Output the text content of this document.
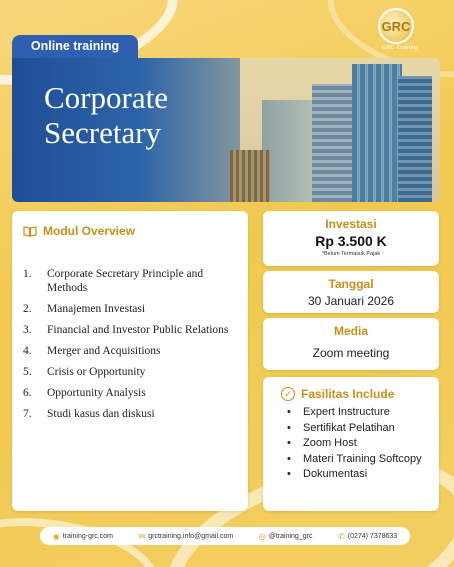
GRC
GRC Training
Online training
Corporate
Secretary
Modul Overview
1.	Corporate Secretary Principle and Methods
2.	Manajemen Investasi
3.	Financial and Investor Public Relations
4.	Merger and Acquisitions
5.	Crisis or Opportunity
6.	Opportunity Analysis
7.	Studi kasus dan diskusi
Investasi
Rp 3.500 K
*Belum Termasuk Pajak
Tanggal
30 Januari 2026
Media
Zoom meeting
✓ Fasilitas Include
• Expert Instructure
• Sertifikat Pelatihan
• Zoom Host
• Materi Training Softcopy
• Dokumentasi
◉ training-grc.com	✉ grctraining.info@gmail.com	◎ @training_grc	✆ (0274) 7378633
